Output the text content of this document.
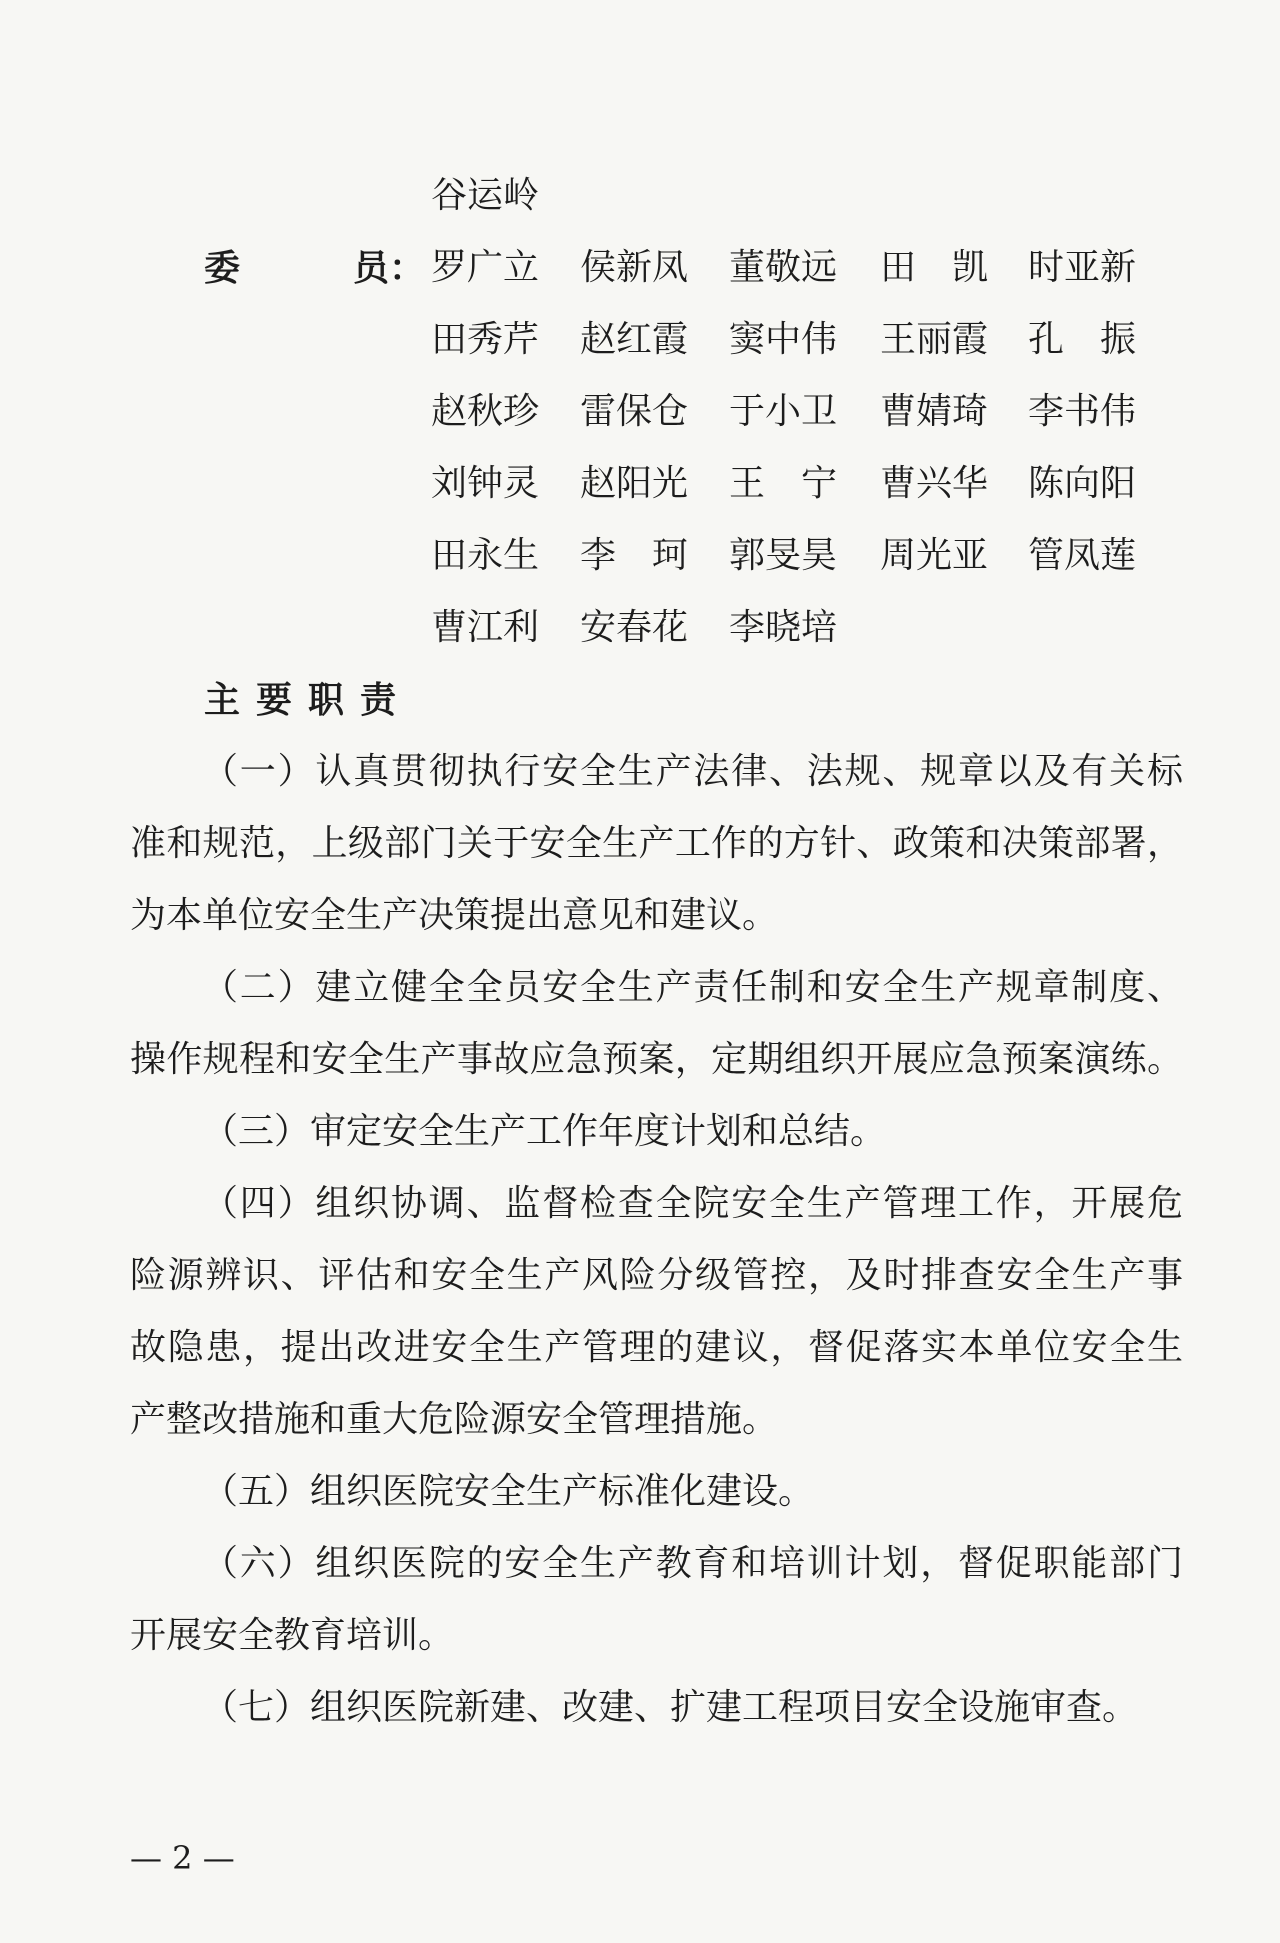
谷运岭
委	员： 罗广立 侯新凤 董敬远 田 凯 时亚新
田秀芹 赵红霞 窦中伟 王丽霞 孔 振
赵秋珍 雷保仓 于小卫 曹婧琦 李书伟
刘钟灵 赵阳光 王 宁 曹兴华 陈向阳
田永生 李 珂 郭旻昊 周光亚 管凤莲
曹江利 安春花 李晓培
主要职责
（一）认真贯彻执行安全生产法律、法规、规章以及有关标
准和规范，上级部门关于安全生产工作的方针、政策和决策部署，
为本单位安全生产决策提出意见和建议。
（二）建立健全全员安全生产责任制和安全生产规章制度、
操作规程和安全生产事故应急预案，定期组织开展应急预案演练。
（三）审定安全生产工作年度计划和总结。
（四）组织协调、监督检查全院安全生产管理工作，开展危
险源辨识、评估和安全生产风险分级管控，及时排查安全生产事
故隐患，提出改进安全生产管理的建议，督促落实本单位安全生
产整改措施和重大危险源安全管理措施。
（五）组织医院安全生产标准化建设。
（六）组织医院的安全生产教育和培训计划，督促职能部门
开展安全教育培训。
（七）组织医院新建、改建、扩建工程项目安全设施审查。
— 2 —
